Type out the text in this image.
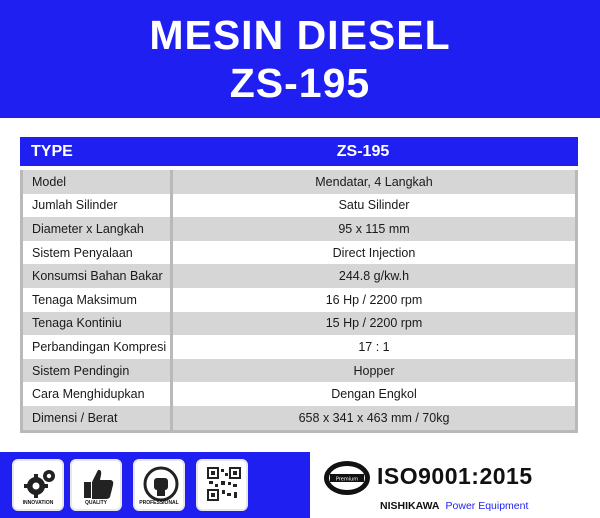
MESIN DIESEL
ZS-195
TYPE	ZS-195
Model	Mendatar, 4 Langkah
Jumlah Silinder	Satu Silinder
Diameter x Langkah	95 x 115 mm
Sistem Penyalaan	Direct Injection
Konsumsi Bahan Bakar	244.8 g/kw.h
Tenaga Maksimum	16 Hp / 2200 rpm
Tenaga Kontiniu	15 Hp / 2200 rpm
Perbandingan Kompresi	17 : 1
Sistem Pendingin	Hopper
Cara Menghidupkan	Dengan Engkol
Dimensi / Berat	658 x 341 x 463 mm / 70kg
INNOVATION	QUALITY	PROFESSIONAL
Premium ISO9001:2015
NISHIKAWA Power Equipment
